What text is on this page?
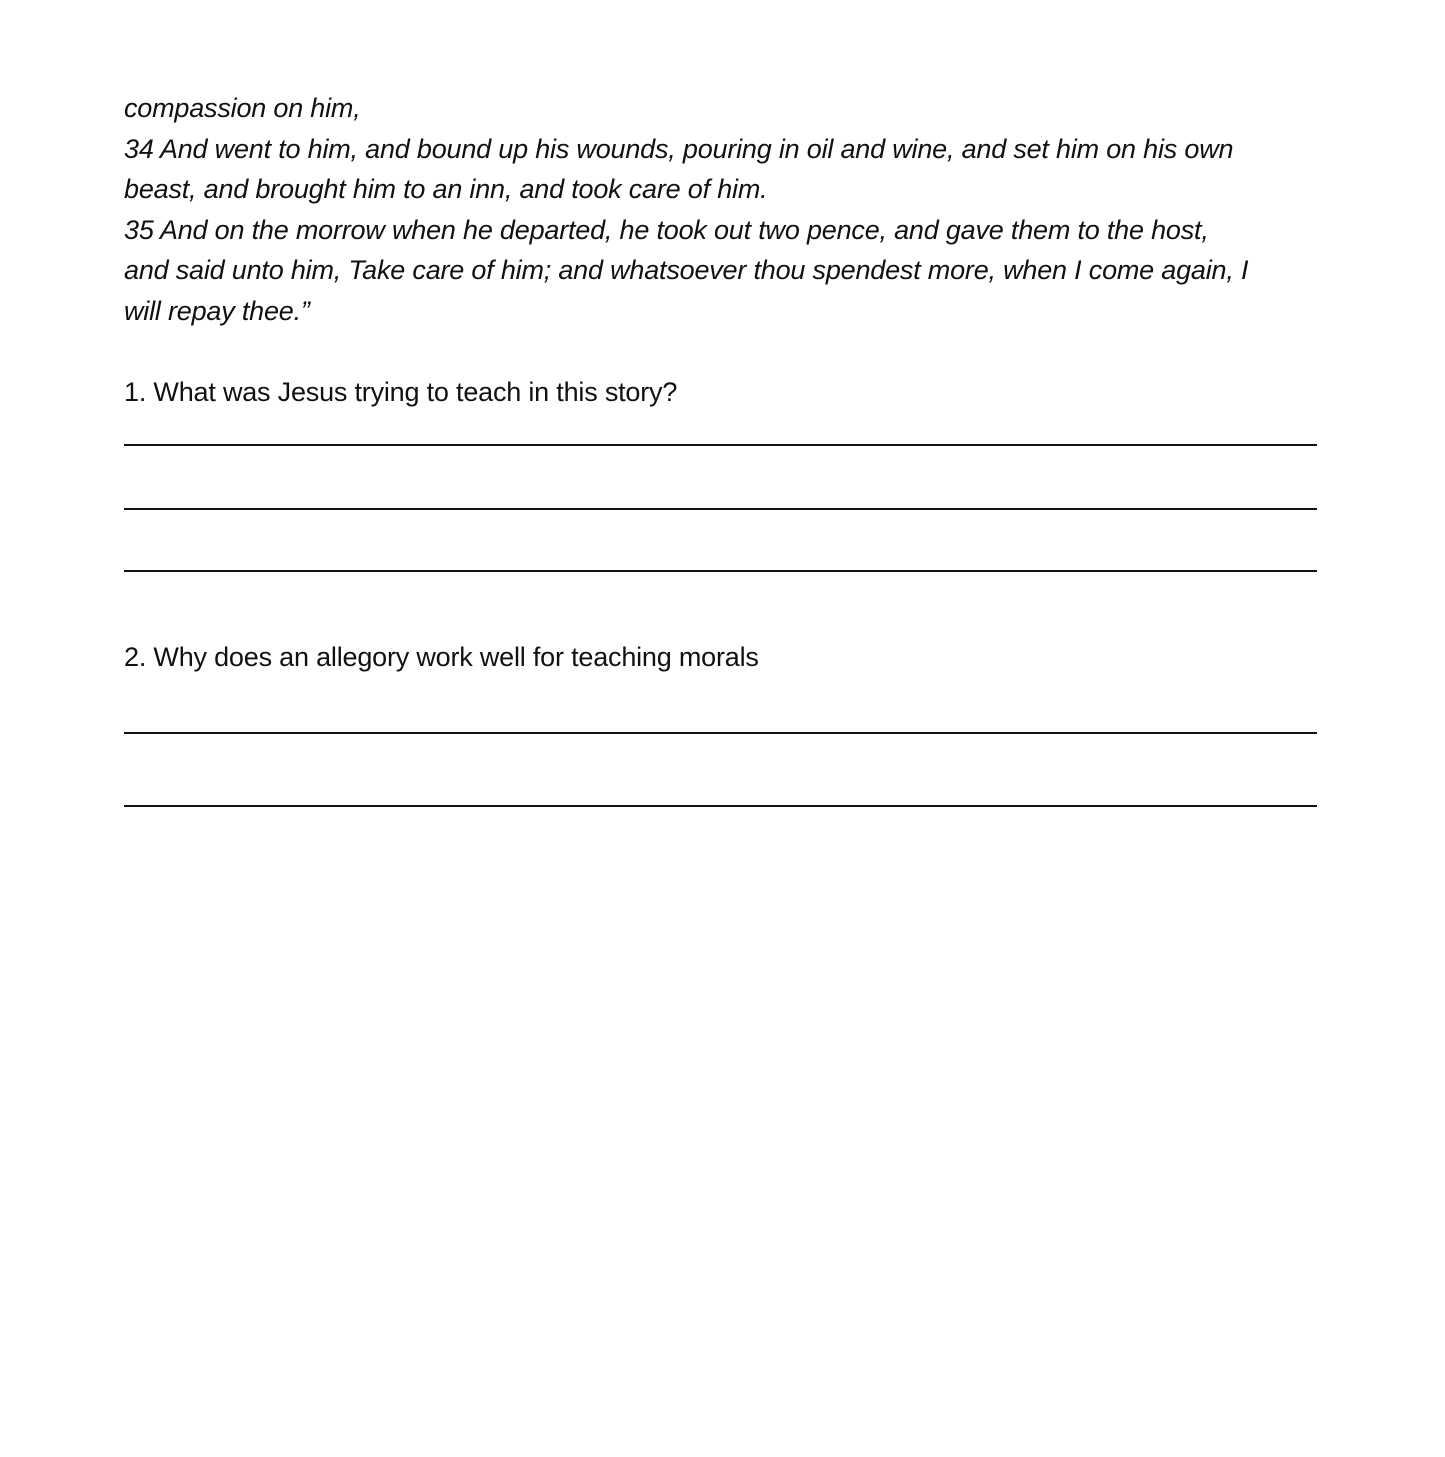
compassion on him,
34 And went to him, and bound up his wounds, pouring in oil and wine, and set him on his own
beast, and brought him to an inn, and took care of him.
35 And on the morrow when he departed, he took out two pence, and gave them to the host,
and said unto him, Take care of him; and whatsoever thou spendest more, when I come again, I
will repay thee.”
1. What was Jesus trying to teach in this story?
2. Why does an allegory work well for teaching morals
